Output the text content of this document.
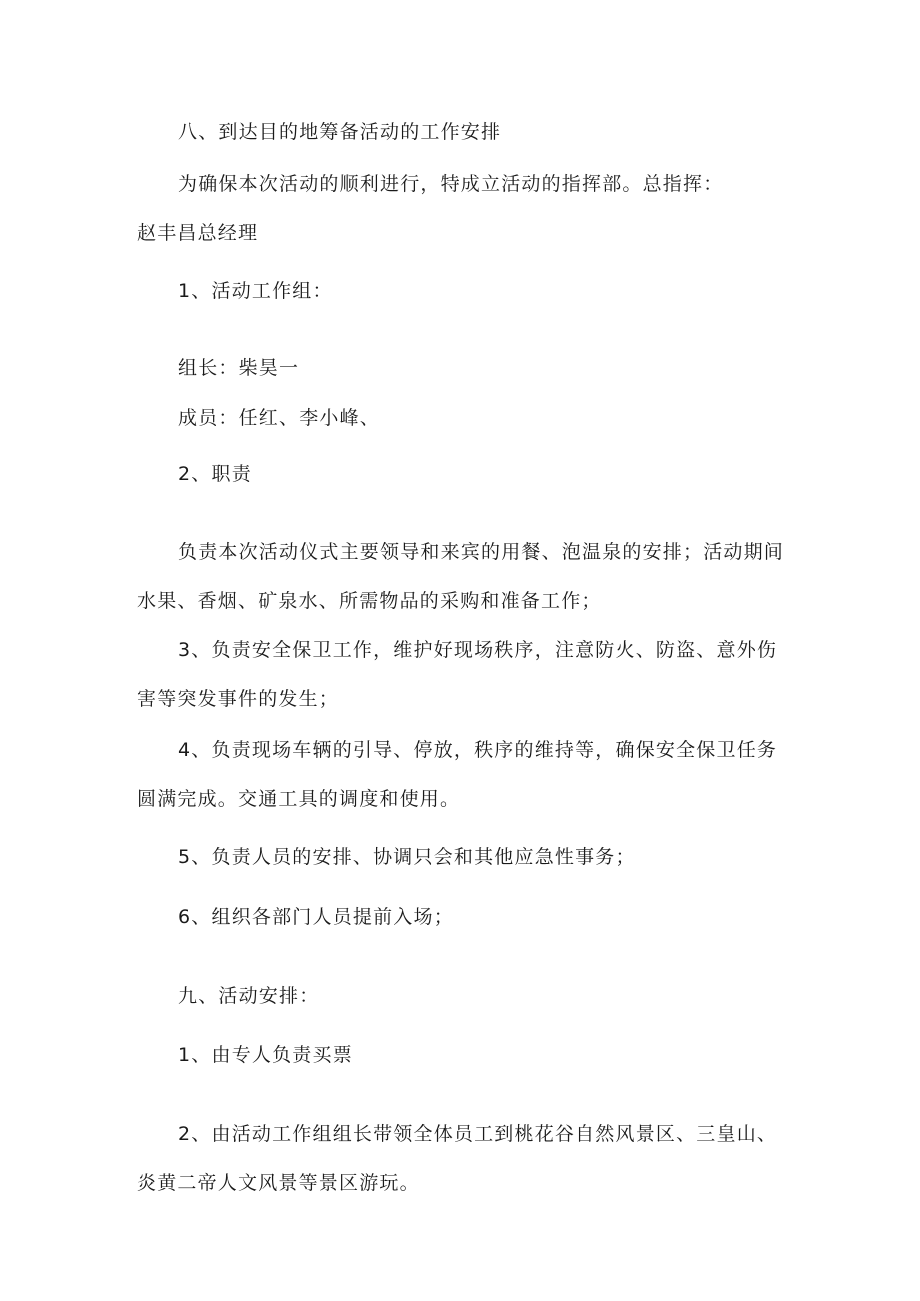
八、到达目的地筹备活动的工作安排
为确保本次活动的顺利进行，特成立活动的指挥部。总指挥：
赵丰昌总经理
1、活动工作组：
组长：柴昊一
成员：任红、李小峰、
2、职责
负责本次活动仪式主要领导和来宾的用餐、泡温泉的安排；活动期间
水果、香烟、矿泉水、所需物品的采购和准备工作；
3、负责安全保卫工作，维护好现场秩序，注意防火、防盗、意外伤
害等突发事件的发生；
4、负责现场车辆的引导、停放，秩序的维持等，确保安全保卫任务
圆满完成。交通工具的调度和使用。
5、负责人员的安排、协调只会和其他应急性事务；
6、组织各部门人员提前入场；
九、活动安排：
1、由专人负责买票
2、由活动工作组组长带领全体员工到桃花谷自然风景区、三皇山、
炎黄二帝人文风景等景区游玩。
